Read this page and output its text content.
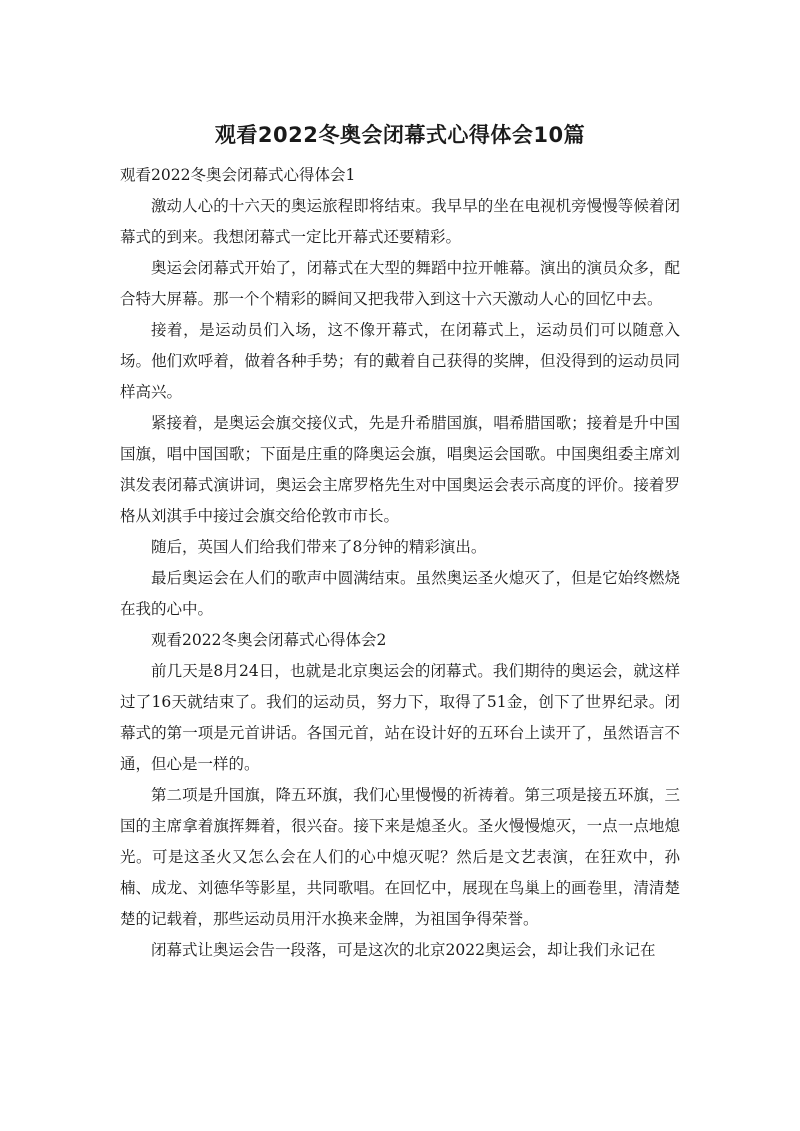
观看2022冬奥会闭幕式心得体会10篇

观看2022冬奥会闭幕式心得体会1

激动人心的十六天的奥运旅程即将结束。我早早的坐在电视机旁慢慢等候着闭幕式的到来。我想闭幕式一定比开幕式还要精彩。

奥运会闭幕式开始了，闭幕式在大型的舞蹈中拉开帷幕。演出的演员众多，配合特大屏幕。那一个个精彩的瞬间又把我带入到这十六天激动人心的回忆中去。

接着，是运动员们入场，这不像开幕式，在闭幕式上，运动员们可以随意入场。他们欢呼着，做着各种手势；有的戴着自己获得的奖牌，但没得到的运动员同样高兴。

紧接着，是奥运会旗交接仪式，先是升希腊国旗，唱希腊国歌；接着是升中国国旗，唱中国国歌；下面是庄重的降奥运会旗，唱奥运会国歌。中国奥组委主席刘淇发表闭幕式演讲词，奥运会主席罗格先生对中国奥运会表示高度的评价。接着罗格从刘淇手中接过会旗交给伦敦市市长。

随后，英国人们给我们带来了8分钟的精彩演出。

最后奥运会在人们的歌声中圆满结束。虽然奥运圣火熄灭了，但是它始终燃烧在我的心中。

观看2022冬奥会闭幕式心得体会2

前几天是8月24日，也就是北京奥运会的闭幕式。我们期待的奥运会，就这样过了16天就结束了。我们的运动员，努力下，取得了51金，创下了世界纪录。闭幕式的第一项是元首讲话。各国元首，站在设计好的五环台上读开了，虽然语言不通，但心是一样的。

第二项是升国旗，降五环旗，我们心里慢慢的祈祷着。第三项是接五环旗，三国的主席拿着旗挥舞着，很兴奋。接下来是熄圣火。圣火慢慢熄灭，一点一点地熄光。可是这圣火又怎么会在人们的心中熄灭呢？然后是文艺表演，在狂欢中，孙楠、成龙、刘德华等影星，共同歌唱。在回忆中，展现在鸟巢上的画卷里，清清楚楚的记载着，那些运动员用汗水换来金牌，为祖国争得荣誉。

闭幕式让奥运会告一段落，可是这次的北京2022奥运会，却让我们永记在
